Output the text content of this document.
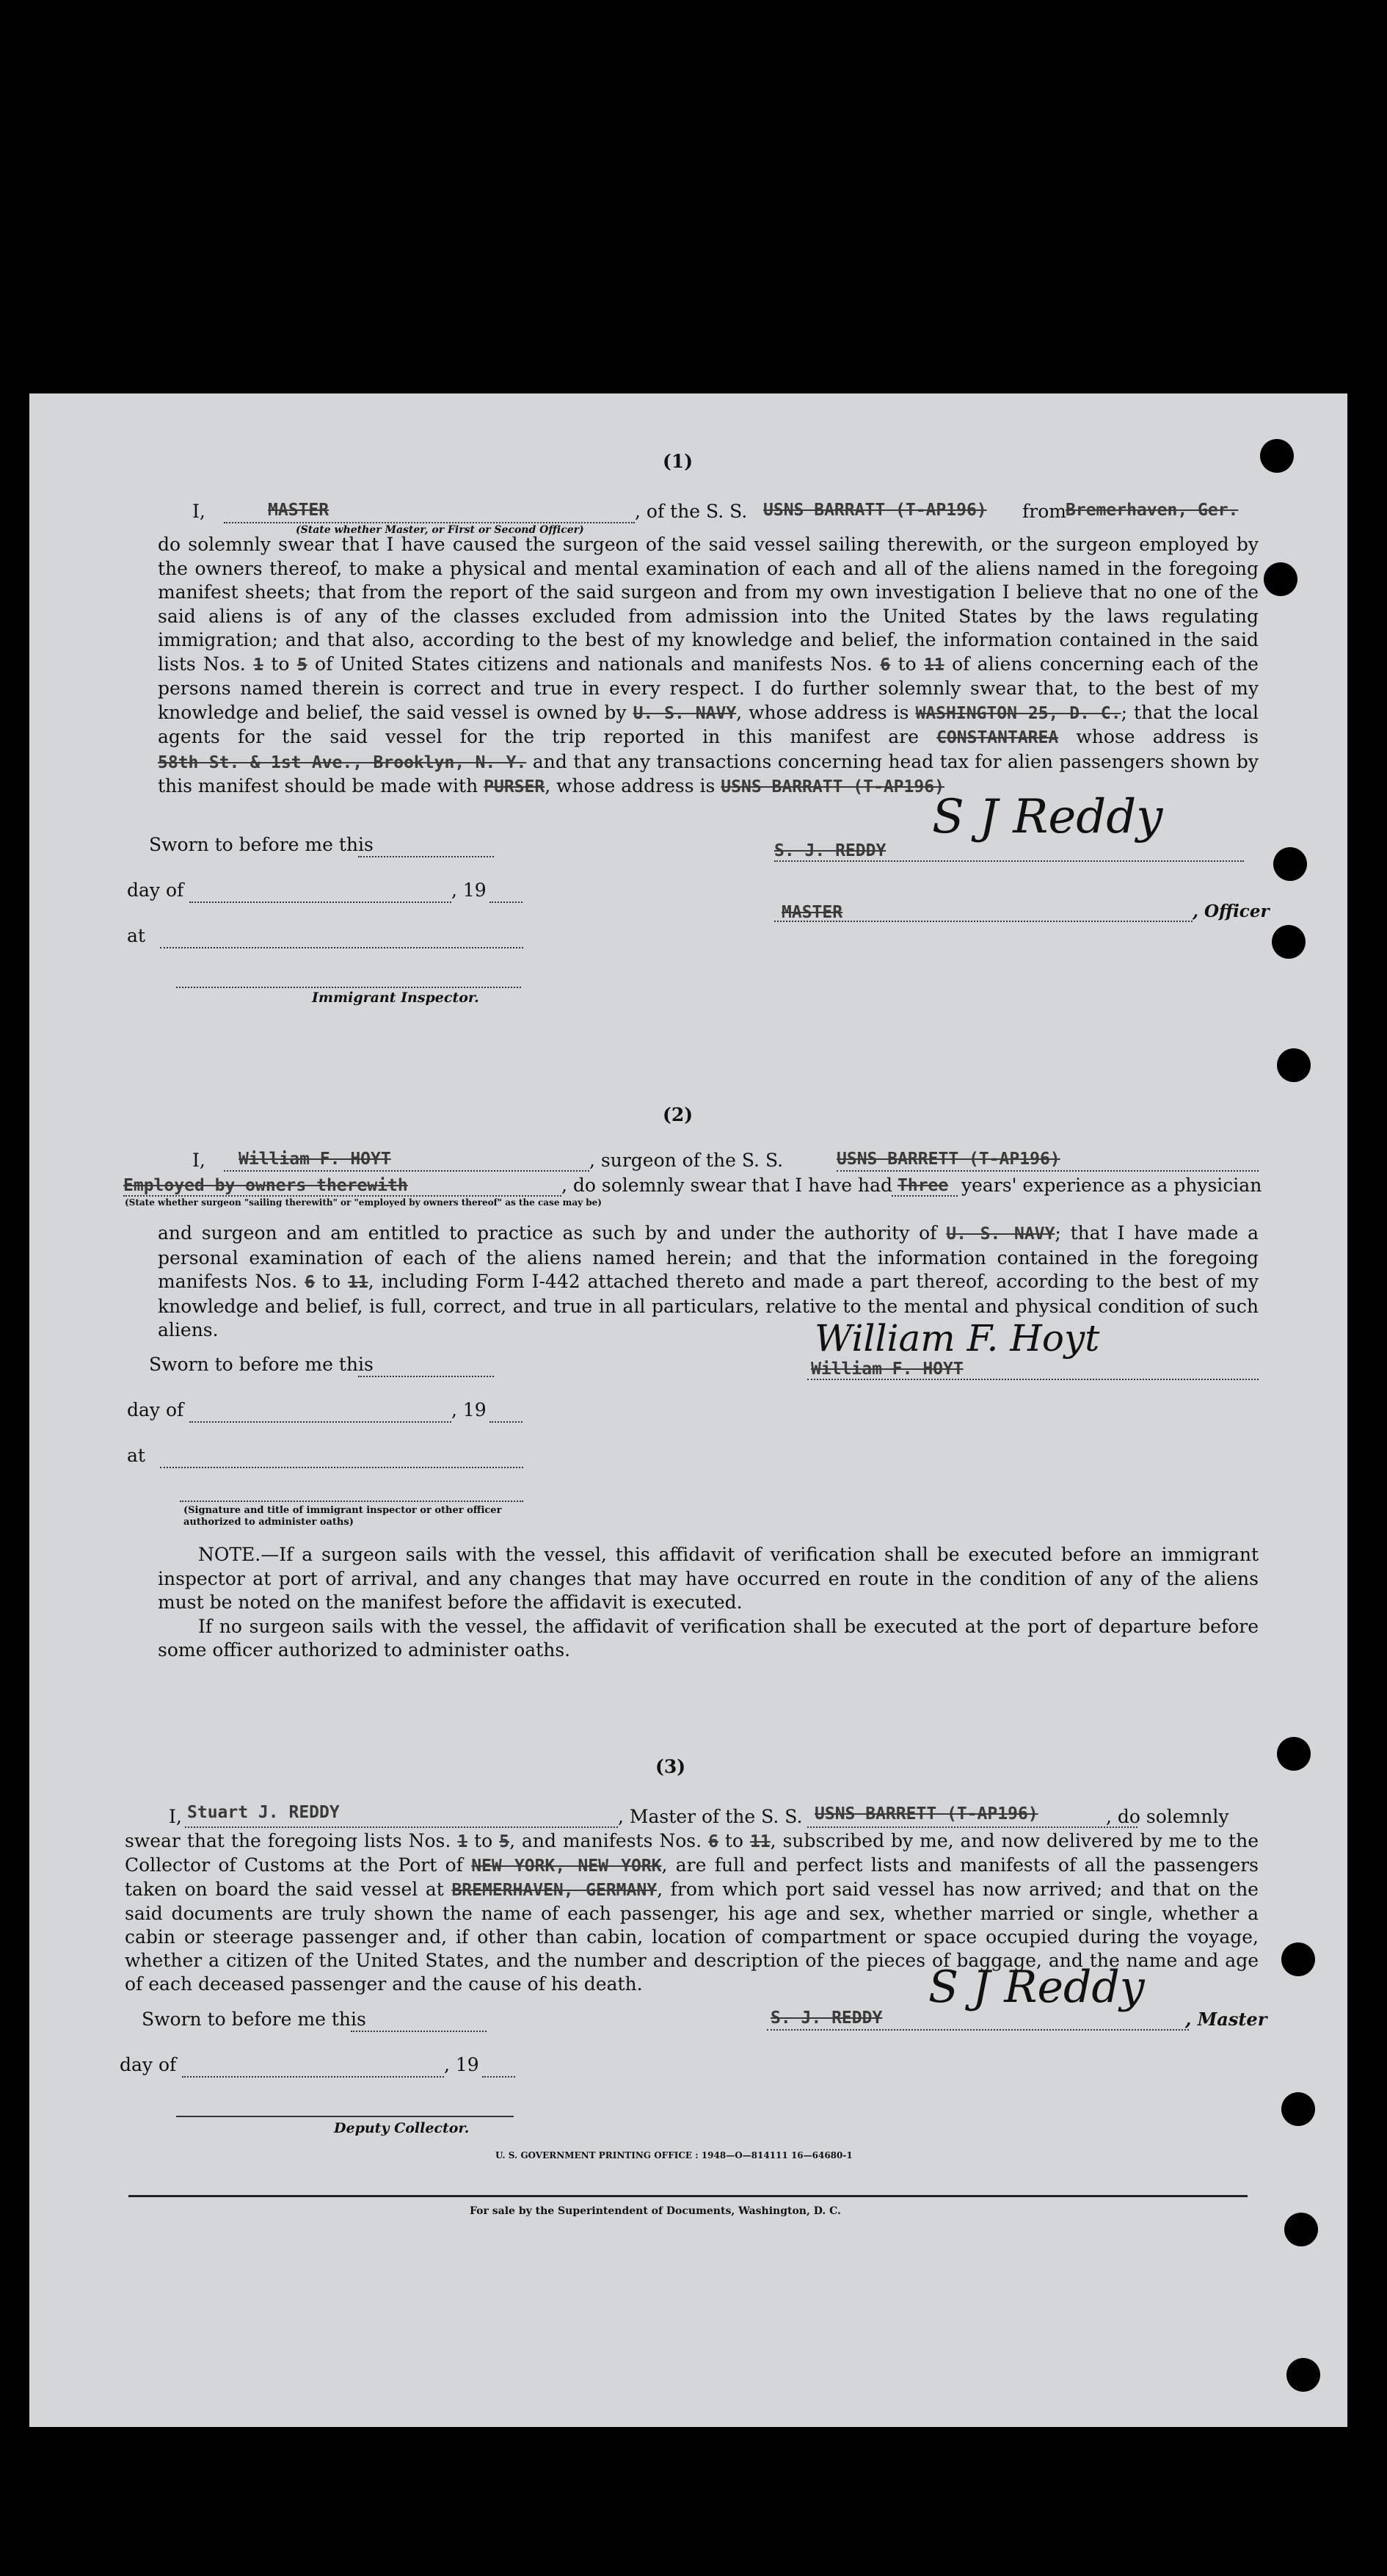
(1)
I,	MASTER
(State whether Master, or First or Second Officer)
, of the S. S. USNS BARRATT (T-AP196) from Bremerhaven, Ger.
do solemnly swear that I have caused the surgeon of the said vessel sailing therewith, or the surgeon employed by the owners thereof, to make a physical and mental examination of each and all of the aliens named in the foregoing manifest sheets; that from the report of the said surgeon and from my own investigation I believe that no one of the said aliens is of any of the classes excluded from admission into the United States by the laws regulating immigration; and that also, according to the best of my knowledge and belief, the information contained in the said lists Nos. 1 to 5 of United States citizens and nationals and manifests Nos. 6 to 11 of aliens concerning each of the persons named therein is correct and true in every respect. I do further solemnly swear that, to the best of my knowledge and belief, the said vessel is owned by U. S. NAVY, whose address is WASHINGTON 25, D. C.; that the local agents for the said vessel for the trip reported in this manifest are CONSTANTAREA whose address is 58th St. & 1st Ave., Brooklyn, N. Y. and that any transactions concerning head tax for alien passengers shown by this manifest should be made with PURSER, whose address is USNS BARRATT (T-AP196)
Sworn to before me this
day of	, 19
at
Immigrant Inspector.
S. J. REDDY
S J Reddy
MASTER	, Officer
(2)
I, William F. HOYT	, surgeon of the S. S.	USNS BARRETT (T-AP196)
Employed by owners therewith
(State whether surgeon "sailing therewith" or "employed by owners thereof" as the case may be)
, do solemnly swear that I have had Three years' experience as a physician
and surgeon and am entitled to practice as such by and under the authority of U. S. NAVY; that I have made a personal examination of each of the aliens named herein; and that the information contained in the foregoing manifests Nos. 6 to 11, including Form I-442 attached thereto and made a part thereof, according to the best of my knowledge and belief, is full, correct, and true in all particulars, relative to the mental and physical condition of such aliens.
Sworn to before me this
day of	, 19
at
(Signature and title of immigrant inspector or other officer authorized to administer oaths)
William F. Hoyt
William F. HOYT
NOTE.—If a surgeon sails with the vessel, this affidavit of verification shall be executed before an immigrant inspector at port of arrival, and any changes that may have occurred en route in the condition of any of the aliens must be noted on the manifest before the affidavit is executed.
If no surgeon sails with the vessel, the affidavit of verification shall be executed at the port of departure before some officer authorized to administer oaths.
(3)
I, Stuart J. REDDY	, Master of the S. S. USNS BARRETT (T-AP196)	, do solemnly
swear that the foregoing lists Nos. 1 to 5, and manifests Nos. 6 to 11, subscribed by me, and now delivered by me to the Collector of Customs at the Port of NEW YORK, NEW YORK, are full and perfect lists and manifests of all the passengers taken on board the said vessel at BREMERHAVEN, GERMANY, from which port said vessel has now arrived; and that on the said documents are truly shown the name of each passenger, his age and sex, whether married or single, whether a cabin or steerage passenger and, if other than cabin, location of compartment or space occupied during the voyage, whether a citizen of the United States, and the number and description of the pieces of baggage, and the name and age of each deceased passenger and the cause of his death.
Sworn to before me this
day of	, 19
Deputy Collector.
S. J. REDDY
S J Reddy
, Master
U. S. GOVERNMENT PRINTING OFFICE : 1948—O—814111 16—64680-1
For sale by the Superintendent of Documents, Washington, D. C.
